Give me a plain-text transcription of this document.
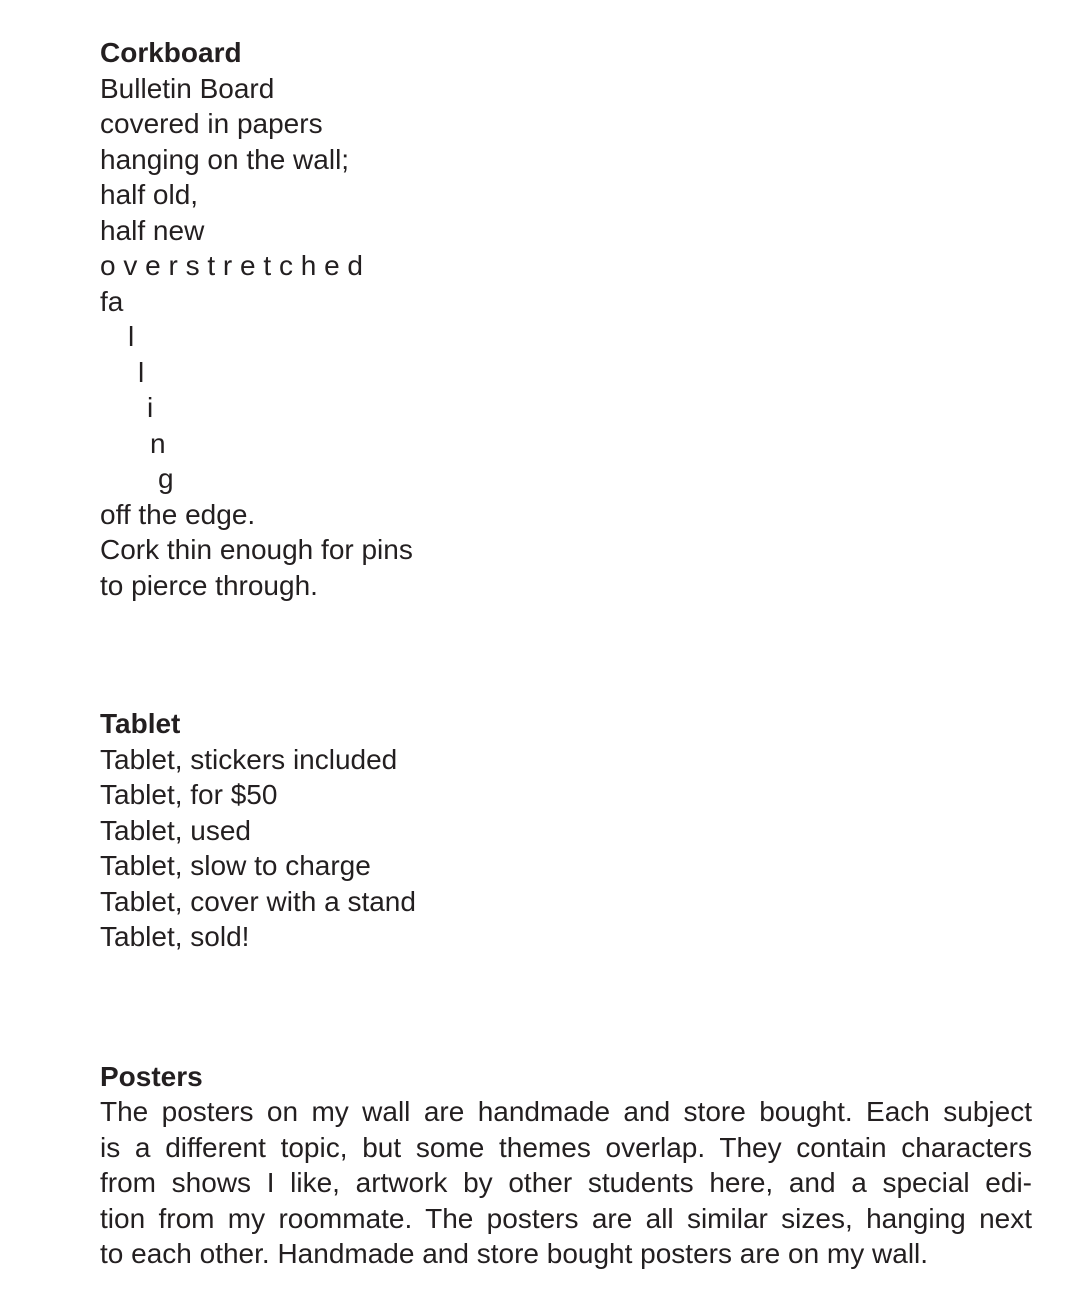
Corkboard
Bulletin Board
covered in papers
hanging on the wall;
half old,
half new
o v e r s t r e t c h e d
fa
l
l
i
n
g
off the edge.
Cork thin enough for pins
to pierce through.
Tablet
Tablet, stickers included
Tablet, for $50
Tablet, used
Tablet, slow to charge
Tablet, cover with a stand
Tablet, sold!
Posters
The posters on my wall are handmade and store bought. Each subject
is a different topic, but some themes overlap. They contain characters
from shows I like, artwork by other students here, and a special edi-
tion from my roommate. The posters are all similar sizes, hanging next
to each other. Handmade and store bought posters are on my wall.
